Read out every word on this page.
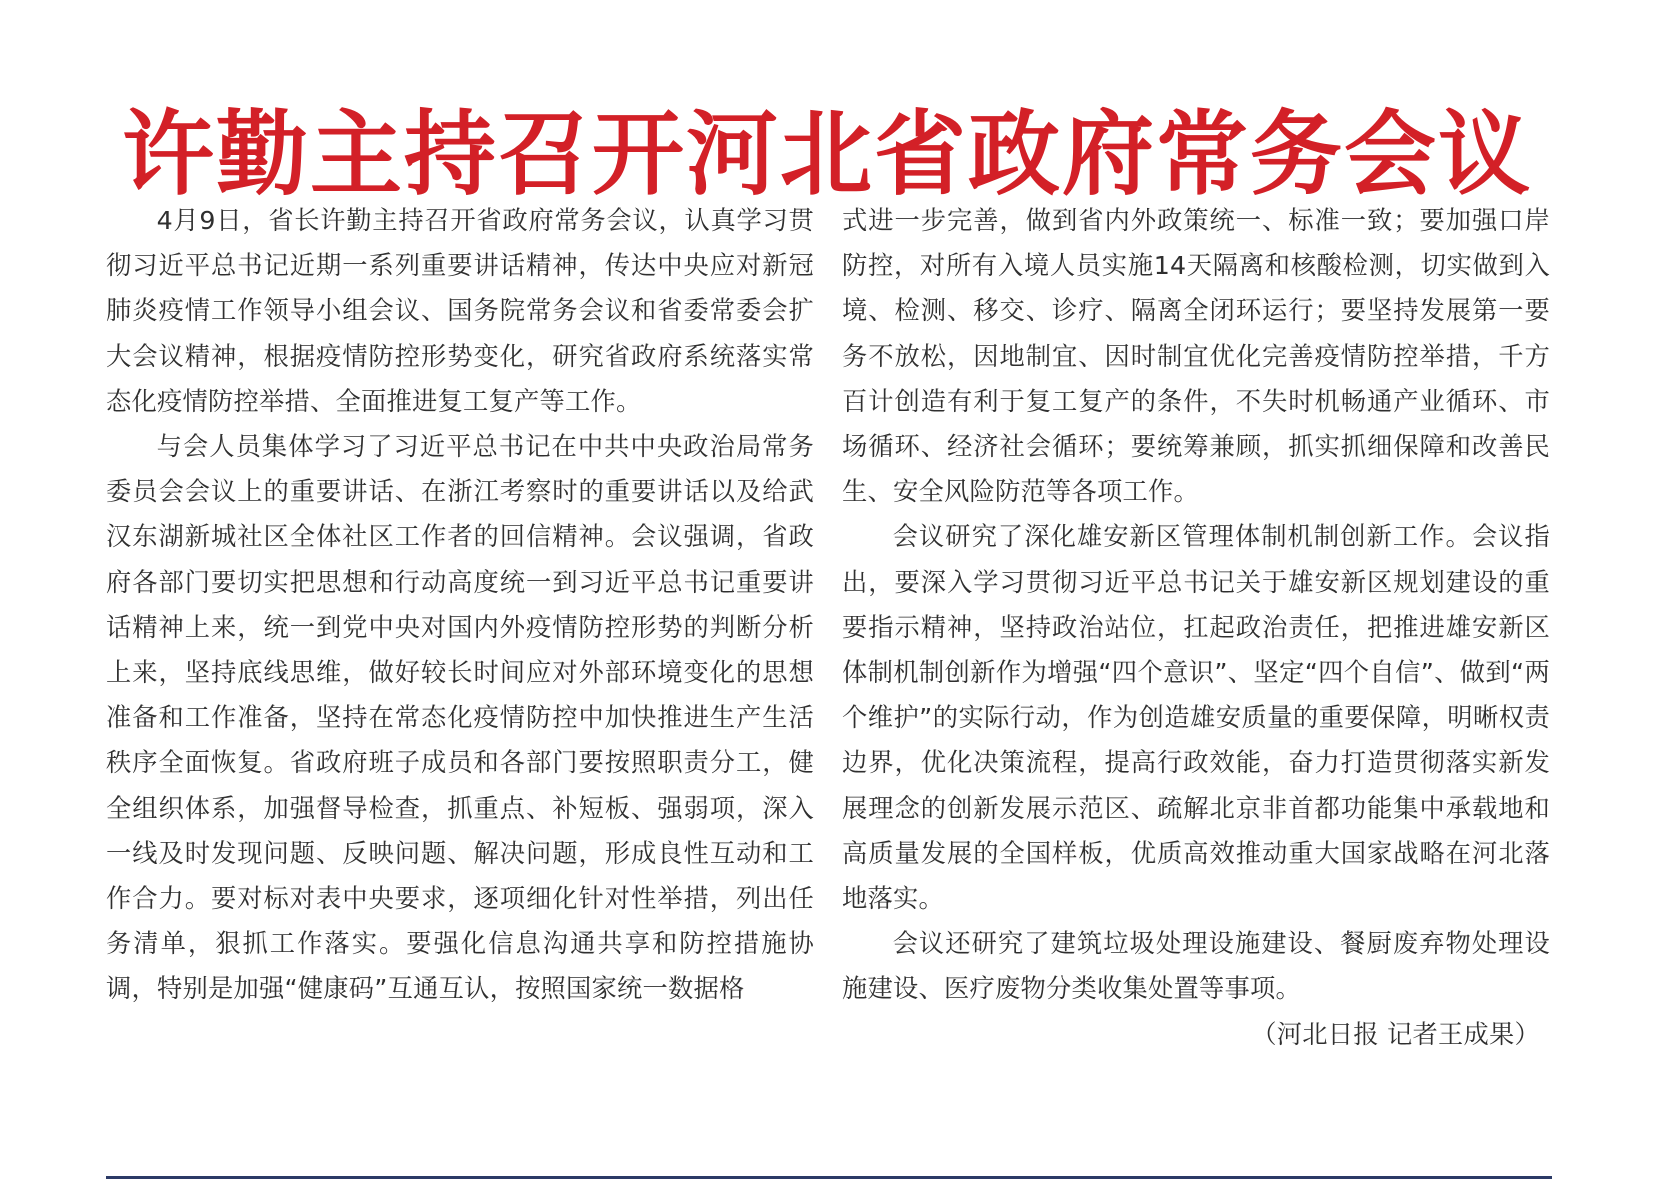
许勤主持召开河北省政府常务会议

4月9日，省长许勤主持召开省政府常务会议，认真学习贯彻习近平总书记近期一系列重要讲话精神，传达中央应对新冠肺炎疫情工作领导小组会议、国务院常务会议和省委常委会扩大会议精神，根据疫情防控形势变化，研究省政府系统落实常态化疫情防控举措、全面推进复工复产等工作。

与会人员集体学习了习近平总书记在中共中央政治局常务委员会会议上的重要讲话、在浙江考察时的重要讲话以及给武汉东湖新城社区全体社区工作者的回信精神。会议强调，省政府各部门要切实把思想和行动高度统一到习近平总书记重要讲话精神上来，统一到党中央对国内外疫情防控形势的判断分析上来，坚持底线思维，做好较长时间应对外部环境变化的思想准备和工作准备，坚持在常态化疫情防控中加快推进生产生活秩序全面恢复。省政府班子成员和各部门要按照职责分工，健全组织体系，加强督导检查，抓重点、补短板、强弱项，深入一线及时发现问题、反映问题、解决问题，形成良性互动和工作合力。要对标对表中央要求，逐项细化针对性举措，列出任务清单，狠抓工作落实。要强化信息沟通共享和防控措施协调，特别是加强“健康码”互通互认，按照国家统一数据格

式进一步完善，做到省内外政策统一、标准一致；要加强口岸防控，对所有入境人员实施14天隔离和核酸检测，切实做到入境、检测、移交、诊疗、隔离全闭环运行；要坚持发展第一要务不放松，因地制宜、因时制宜优化完善疫情防控举措，千方百计创造有利于复工复产的条件，不失时机畅通产业循环、市场循环、经济社会循环；要统筹兼顾，抓实抓细保障和改善民生、安全风险防范等各项工作。

会议研究了深化雄安新区管理体制机制创新工作。会议指出，要深入学习贯彻习近平总书记关于雄安新区规划建设的重要指示精神，坚持政治站位，扛起政治责任，把推进雄安新区体制机制创新作为增强“四个意识”、坚定“四个自信”、做到“两个维护”的实际行动，作为创造雄安质量的重要保障，明晰权责边界，优化决策流程，提高行政效能，奋力打造贯彻落实新发展理念的创新发展示范区、疏解北京非首都功能集中承载地和高质量发展的全国样板，优质高效推动重大国家战略在河北落地落实。

会议还研究了建筑垃圾处理设施建设、餐厨废弃物处理设施建设、医疗废物分类收集处置等事项。

（河北日报 记者王成果）
